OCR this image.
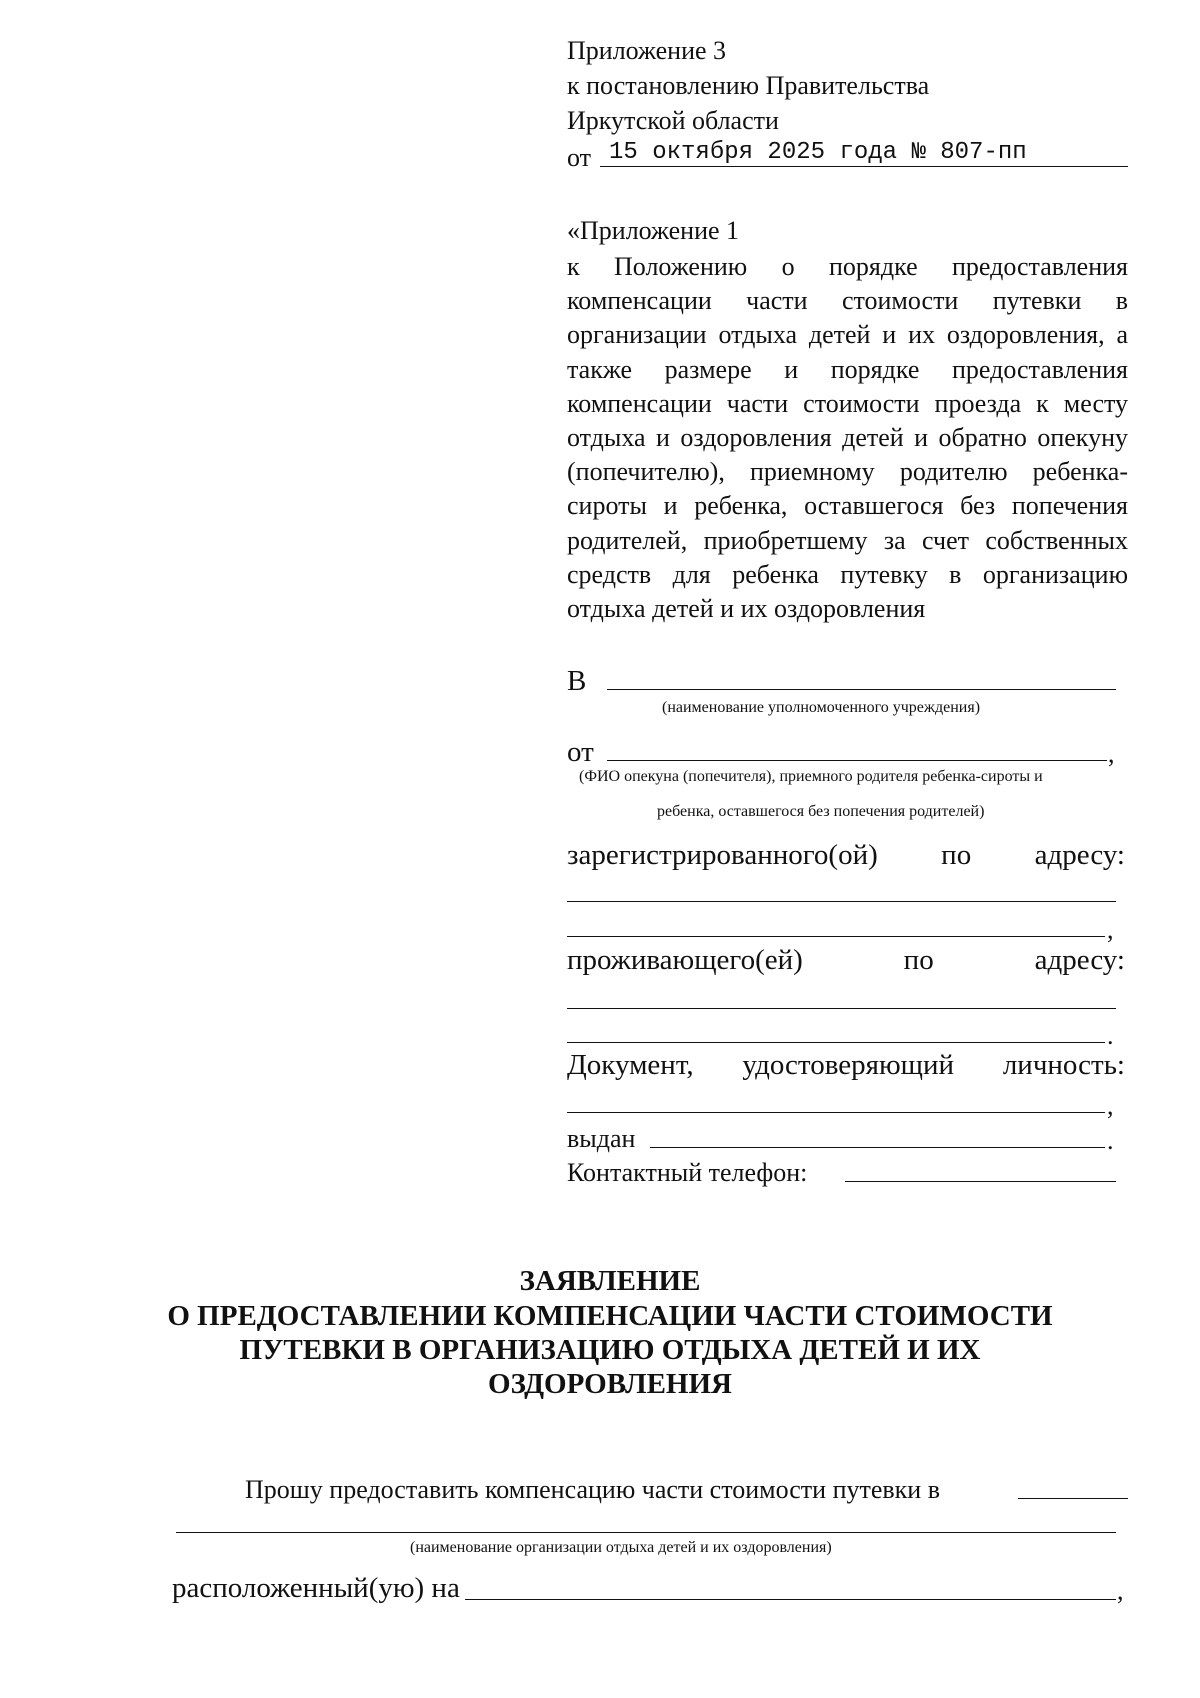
Приложение 3
к постановлению Правительства
Иркутской области
от 15 октября 2025 года № 807-пп
«Приложение 1
к Положению о порядке предоставления компенсации части стоимости путевки в организации отдыха детей и их оздоровления, а также размере и порядке предоставления компенсации части стоимости проезда к месту отдыха и оздоровления детей и обратно опекуну (попечителю), приемному родителю ребенка-сироты и ребенка, оставшегося без попечения родителей, приобретшему за счет собственных средств для ребенка путевку в организацию отдыха детей и их оздоровления
В
(наименование уполномоченного учреждения)
от	,
(ФИО опекуна (попечителя), приемного родителя ребенка-сироты и
ребенка, оставшегося без попечения родителей)
зарегистрированного(ой) по адресу:
,
проживающего(ей)	по	адресу:
.
Документ, удостоверяющий личность:
,
выдан	.
Контактный телефон:
ЗАЯВЛЕНИЕ
О ПРЕДОСТАВЛЕНИИ КОМПЕНСАЦИИ ЧАСТИ СТОИМОСТИ
ПУТЕВКИ В ОРГАНИЗАЦИЮ ОТДЫХА ДЕТЕЙ И ИХ
ОЗДОРОВЛЕНИЯ
Прошу предоставить компенсацию части стоимости путевки в
(наименование организации отдыха детей и их оздоровления)
расположенный(ую) на	,
